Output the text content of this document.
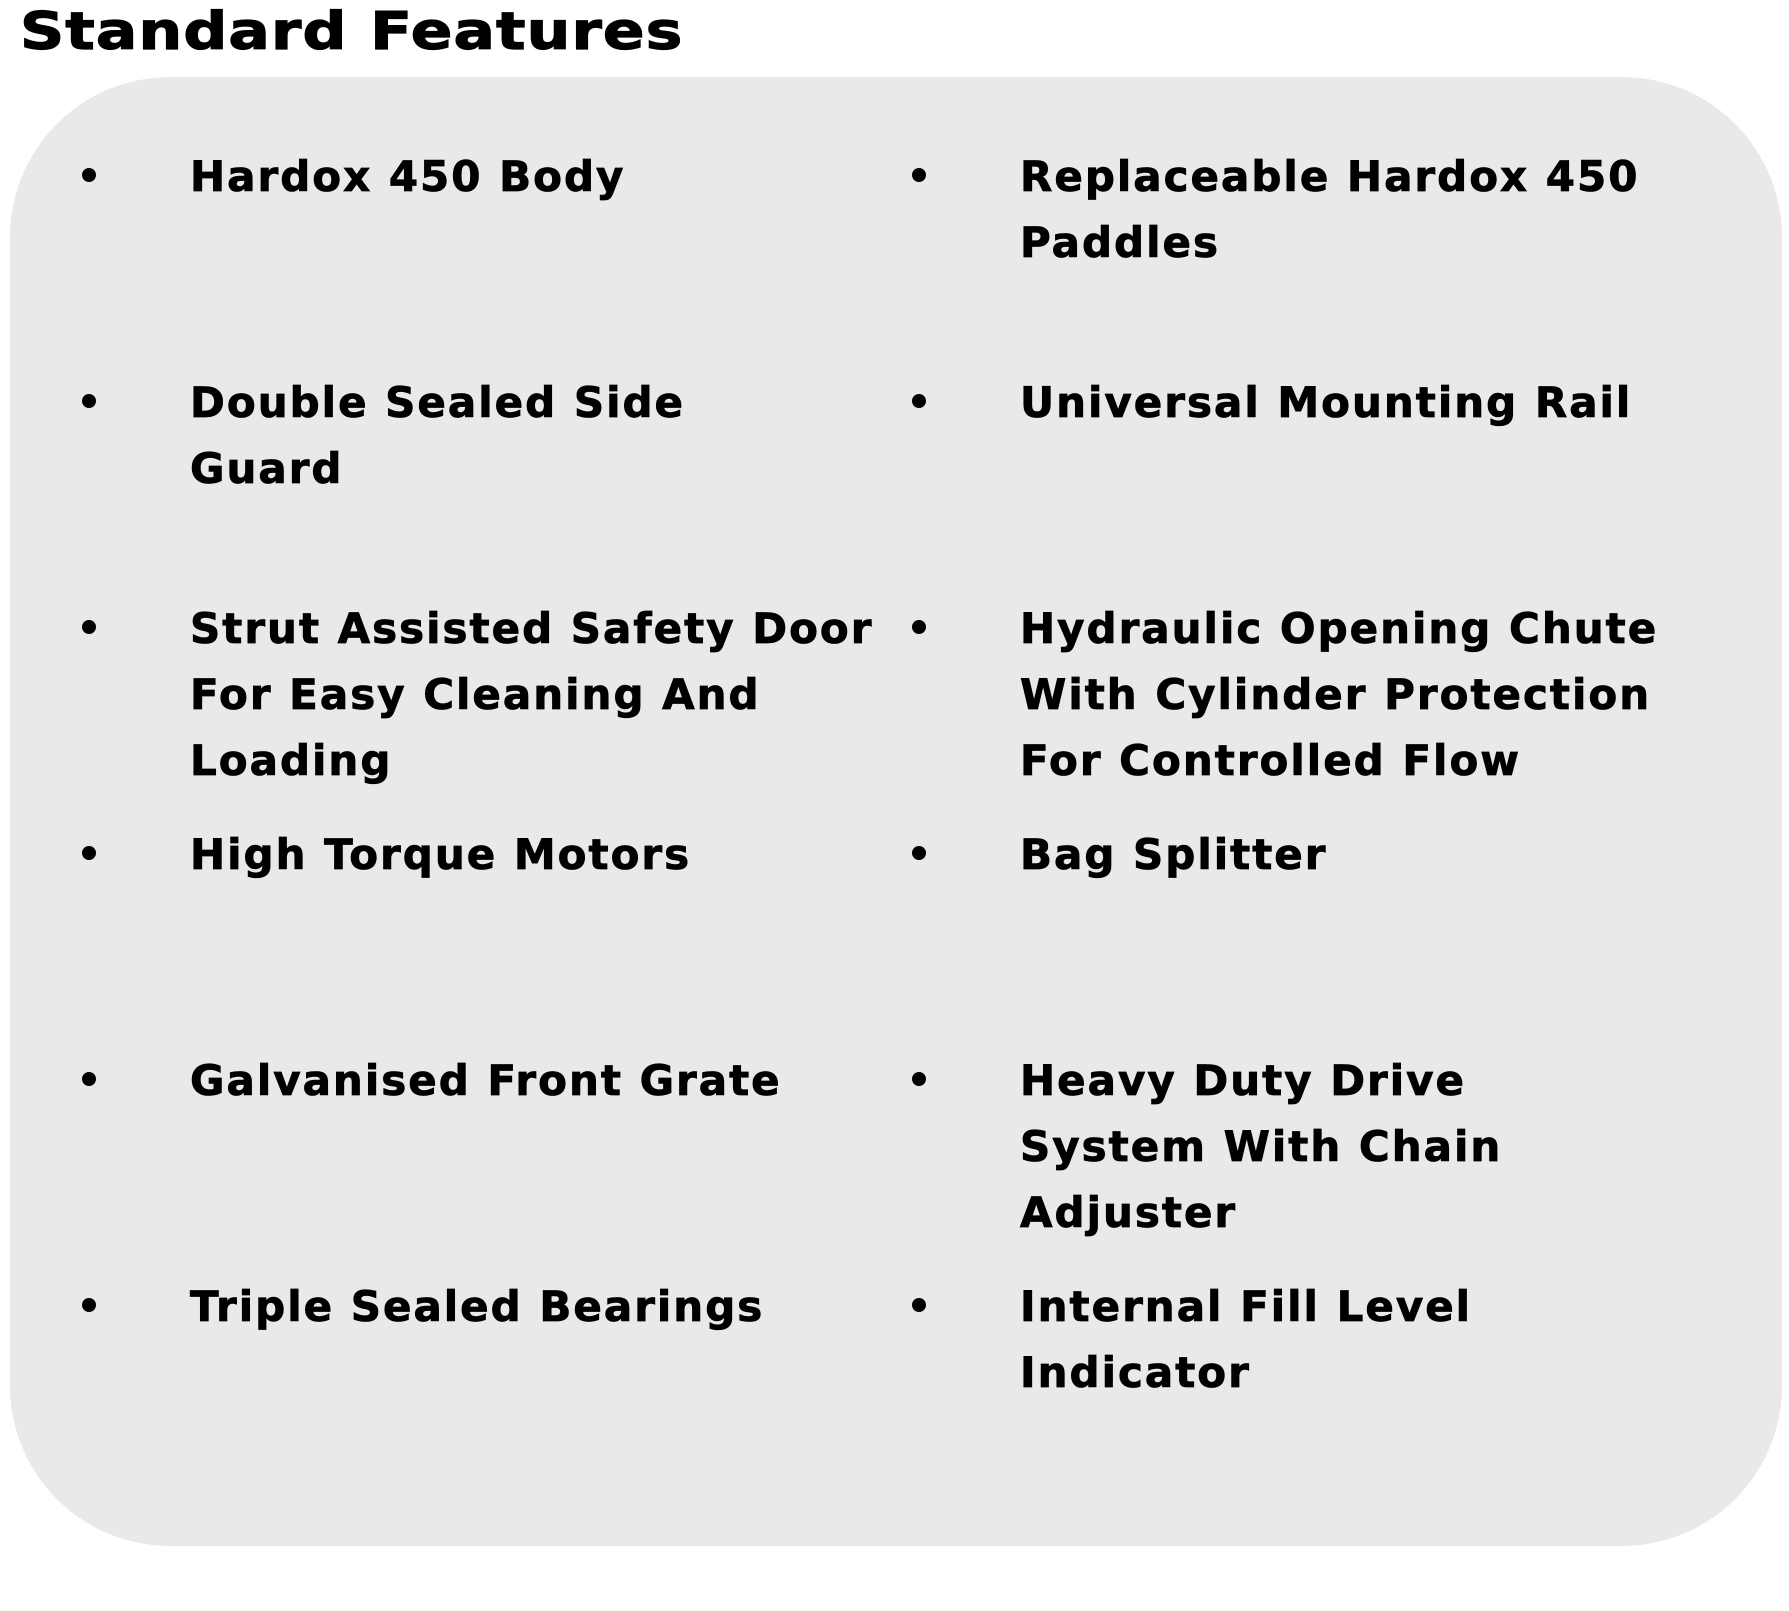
Standard Features
Hardox 450 Body
Double Sealed Side Guard
Strut Assisted Safety Door For Easy Cleaning And Loading
High Torque Motors
Galvanised Front Grate
Triple Sealed Bearings
Replaceable Hardox 450 Paddles
Universal Mounting Rail
Hydraulic Opening Chute With Cylinder Protection For Controlled Flow
Bag Splitter
Heavy Duty Drive System With Chain Adjuster
Internal Fill Level Indicator
